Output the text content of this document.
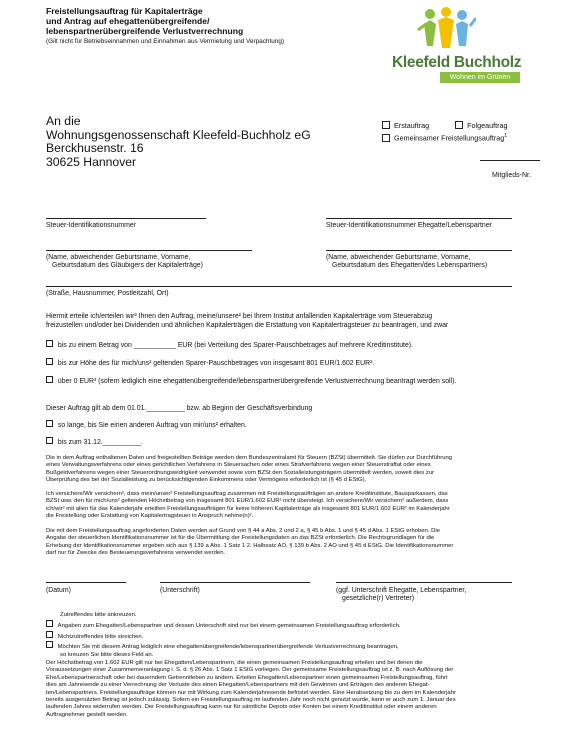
Freistellungsauftrag für Kapitalerträge
und Antrag auf ehegattenübergreifende/
lebenspartnerübergreifende Verlustverrechnung
(Gilt nicht für Betriebseinnahmen und Einnahmen aus Vermietung und Verpachtung)
Kleefeld Buchholz
Wohnen im Grünen
An die
Wohnungsgenossenschaft Kleefeld-Buchholz eG
Berckhusenstr. 16
30625 Hannover
Erstauftrag	Folgeauftrag
Gemeinsamer Freistellungsauftrag$^1$
Mitglieds-Nr.
Steuer-Identifikationsnummer	Steuer-Identifikationsnummer Ehegatte/Lebenspartner
(Name, abweichender Geburtsname, Vorname,
Geburtsdatum des Gläubigers der Kapitalerträge)
(Name, abweichender Geburtsname, Vorname,
Geburtsdatum des Ehegatten/des Lebenspartners)
(Straße, Hausnummer, Postleitzahl, Ort)
Hiermit erteile ich/erteilen wir² Ihnen den Auftrag, meine/unsere² bei Ihrem Institut anfallenden Kapitalerträge vom Steuerabzug
freizustellen und/oder bei Dividenden und ähnlichen Kapitalerträgen die Erstattung von Kapitalertragsteuer zu beantragen, und zwar
bis zu einem Betrag von ___________ EUR (bei Verteilung des Sparer-Pauschbetrages auf mehrere Kreditinstitute).
bis zur Höhe des für mich/uns² geltenden Sparer-Pauschbetrages von insgesamt 801 EUR/1.602 EUR².
über 0 EUR³ (sofern lediglich eine ehegattenübergreifende/lebenspartnerübergreifende Verlustverrechnung beantragt werden soll).
Dieser Auftrag gilt ab dem 01.01.__________ bzw. ab Beginn der Geschäftsverbindung
so lange, bis Sie einen anderen Auftrag von mir/uns² erhalten.
bis zum 31.12.__________.
Die in dem Auftrag enthaltenen Daten und freigestellten Beträge werden dem Bundeszentralamt für Steuern (BZSt) übermittelt. Sie dürfen zur Durchführung
eines Verwaltungsverfahrens oder eines gerichtlichen Verfahrens in Steuersachen oder eines Strafverfahrens wegen einer Steuerstraftat oder eines
Bußgeldverfahrens wegen einer Steuerordnungswidrigkeit verwendet sowie vom BZSt den Sozialleistungsträgern übermittelt werden, soweit dies zur
Überprüfung des bei der Sozialleistung zu berücksichtigenden Einkommens oder Vermögens erforderlich ist (§ 45 d EStG).
Ich versichere/Wir versichern², dass mein/unser² Freistellungsauftrag zusammen mit Freistellungsaufträgen an andere Kreditinstitute, Bausparkassen, das
BZSt usw. den für mich/uns² geltenden Höchstbetrag von insgesamt 801 EUR/1.602 EUR² nicht übersteigt. Ich versichere/Wir versichern² außerdem, dass
ich/wir² mit allen für das Kalenderjahr erteilten Freistellungsaufträgen für keine höheren Kapitalerträge als insgesamt 801 EUR/1.602 EUR² im Kalenderjahr
die Freistellung oder Erstattung von Kapitalertragsteuer in Anspruch nehme(n)².
Die mit dem Freistellungsauftrag angeforderten Daten werden auf Grund von § 44 a Abs. 2 und 2 a, § 45 b Abs. 1 und § 45 d Abs. 1 EStG erhoben. Die
Angabe der steuerlichen Identifikationsnummer ist für die Übermittlung der Freistellungsdaten an das BZSt erforderlich. Die Rechtsgrundlagen für die
Erhebung der Identifikationsnummer ergeben sich aus § 139 a Abs. 1 Satz 1 2. Halbsatz AO, § 139 b Abs. 2 AO und § 45 d EStG. Die Identifikationsnummer
darf nur für Zwecke des Besteuerungsverfahrens verwendet werden.
(Datum)	(Unterschrift)	(ggf. Unterschrift Ehegatte, Lebenspartner,
gesetzliche(r) Vertreter)
Zutreffendes bitte ankreuzen.
Angaben zum Ehegatten/Lebenspartner und dessen Unterschrift sind nur bei einem gemeinsamen Freistellungsauftrag erforderlich.
Nichtzutreffendes bitte streichen.
Möchten Sie mit diesem Antrag lediglich eine ehegattenübergreifende/lebenspartnerübergreifende Verlustverrechnung beantragen,
so kreuzen Sie bitte dieses Feld an.
Der Höchstbetrag von 1.602 EUR gilt nur bei Ehegatten/Lebenspartnern, die einen gemeinsamen Freistellungsauftrag erteilen und bei denen die
Voraussetzungen einer Zusammenveranlagung i. S. d. § 26 Abs. 1 Satz 1 EStG vorliegen. Der gemeinsame Freistellungsauftrag ist z. B. nach Auflösung der
Ehe/Lebenspartnerschaft oder bei dauerndem Getrenntleben zu ändern. Erteilen Ehegatten/Lebenspartner einen gemeinsamen Freistellungsauftrag, führt
dies am Jahresende zu einer Verrechnung der Verluste des einen Ehegatten/Lebenspartners mit den Gewinnen und Erträgen des anderen Ehegat-
ten/Lebenspartners. Freistellungsaufträge können nur mit Wirkung zum Kalenderjahresende befristet werden. Eine Herabsetzung bis zu dem im Kalenderjahr
bereits ausgenutzten Betrag ist jedoch zulässig. Sofern ein Freistellungsauftrag im laufenden Jahr noch nicht genutzt wurde, kann er auch zum 1. Januar des
laufenden Jahres widerrufen werden. Der Freistellungsauftrag kann nur für sämtliche Depots oder Konten bei einem Kreditinstitut oder einem anderen
Auftragnehmer gestellt werden.
